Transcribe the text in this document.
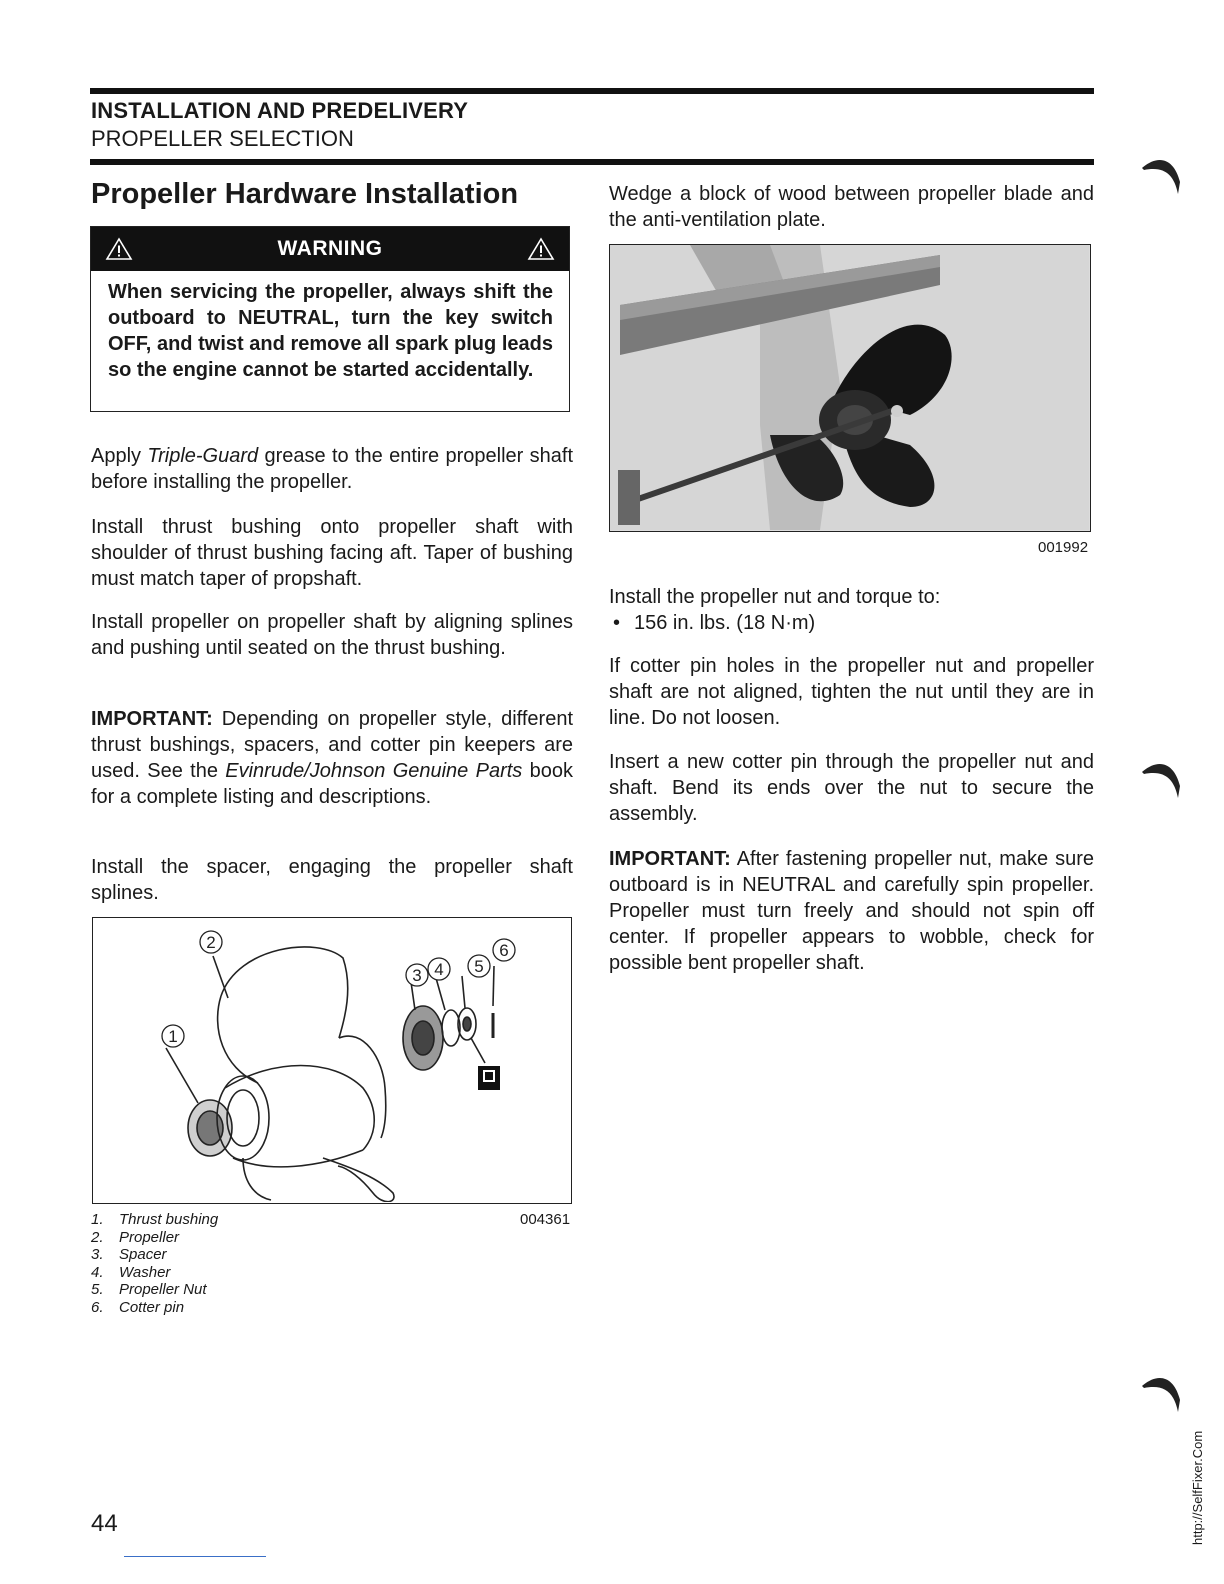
INSTALLATION AND PREDELIVERY
PROPELLER SELECTION
Propeller Hardware Installation
WARNING
When servicing the propeller, always shift the outboard to NEUTRAL, turn the key switch OFF, and twist and remove all spark plug leads so the engine cannot be started accidentally.

Apply Triple-Guard grease to the entire propeller shaft before installing the propeller.

Install thrust bushing onto propeller shaft with shoulder of thrust bushing facing aft. Taper of bushing must match taper of propshaft.

Install propeller on propeller shaft by aligning splines and pushing until seated on the thrust bushing.

IMPORTANT: Depending on propeller style, different thrust bushings, spacers, and cotter pin keepers are used. See the Evinrude/Johnson Genuine Parts book for a complete listing and descriptions.

Install the spacer, engaging the propeller shaft splines.

2
1
3 4 5
6
004361
1.	Thrust bushing
2.	Propeller
3.	Spacer
4.	Washer
5.	Propeller Nut
6.	Cotter pin

Wedge a block of wood between propeller blade and the anti-ventilation plate.

001992

Install the propeller nut and torque to:

• 156 in. lbs. (18 N·m)

If cotter pin holes in the propeller nut and propeller shaft are not aligned, tighten the nut until they are in line. Do not loosen.

Insert a new cotter pin through the propeller nut and shaft. Bend its ends over the nut to secure the assembly.

IMPORTANT: After fastening propeller nut, make sure outboard is in NEUTRAL and carefully spin propeller. Propeller must turn freely and should not spin off center. If propeller appears to wobble, check for possible bent propeller shaft.

http://SelfFixer.Com
44
